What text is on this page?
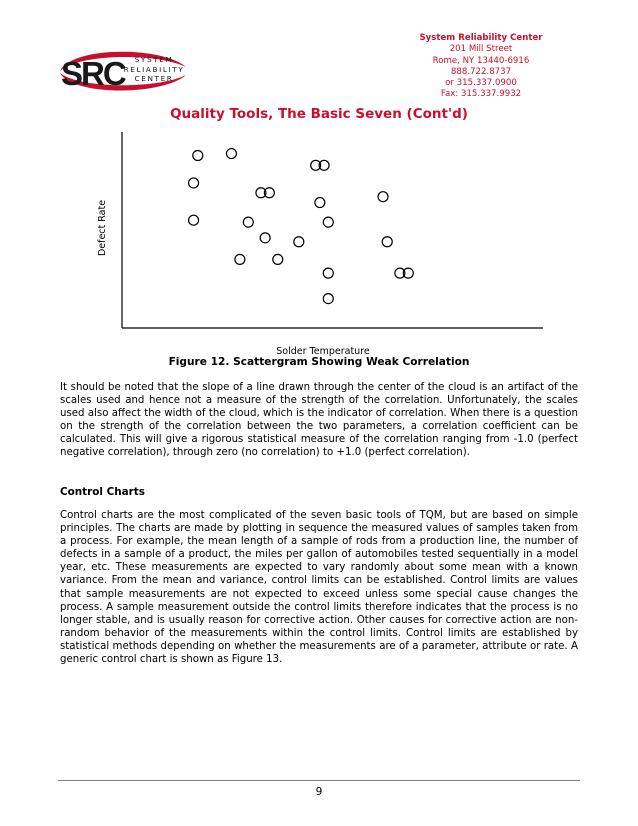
SRC	SYSTEM
RELIABILITY
CENTER
System Reliability Center
201 Mill Street
Rome, NY 13440-6916
888.722.8737
or 315.337.0900
Fax: 315.337.9932
Quality Tools, The Basic Seven (Cont'd)
Defect Rate
Solder Temperature
Figure 12. Scattergram Showing Weak Correlation

It should be noted that the slope of a line drawn through the center of the cloud is an artifact of the scales used and hence not a measure of the strength of the correlation. Unfortunately, the scales used also affect the width of the cloud, which is the indicator of correlation. When there is a question on the strength of the correlation between the two parameters, a correlation coefficient can be calculated. This will give a rigorous statistical measure of the correlation ranging from -1.0 (perfect negative correlation), through zero (no correlation) to +1.0 (perfect correlation).

Control Charts

Control charts are the most complicated of the seven basic tools of TQM, but are based on simple principles. The charts are made by plotting in sequence the measured values of samples taken from a process. For example, the mean length of a sample of rods from a production line, the number of defects in a sample of a product, the miles per gallon of automobiles tested sequentially in a model year, etc. These measurements are expected to vary randomly about some mean with a known variance. From the mean and variance, control limits can be established. Control limits are values that sample measurements are not expected to exceed unless some special cause changes the process. A sample measurement outside the control limits therefore indicates that the process is no longer stable, and is usually reason for corrective action. Other causes for corrective action are non-random behavior of the measurements within the control limits. Control limits are established by statistical methods depending on whether the measurements are of a parameter, attribute or rate. A generic control chart is shown as Figure 13.

9
